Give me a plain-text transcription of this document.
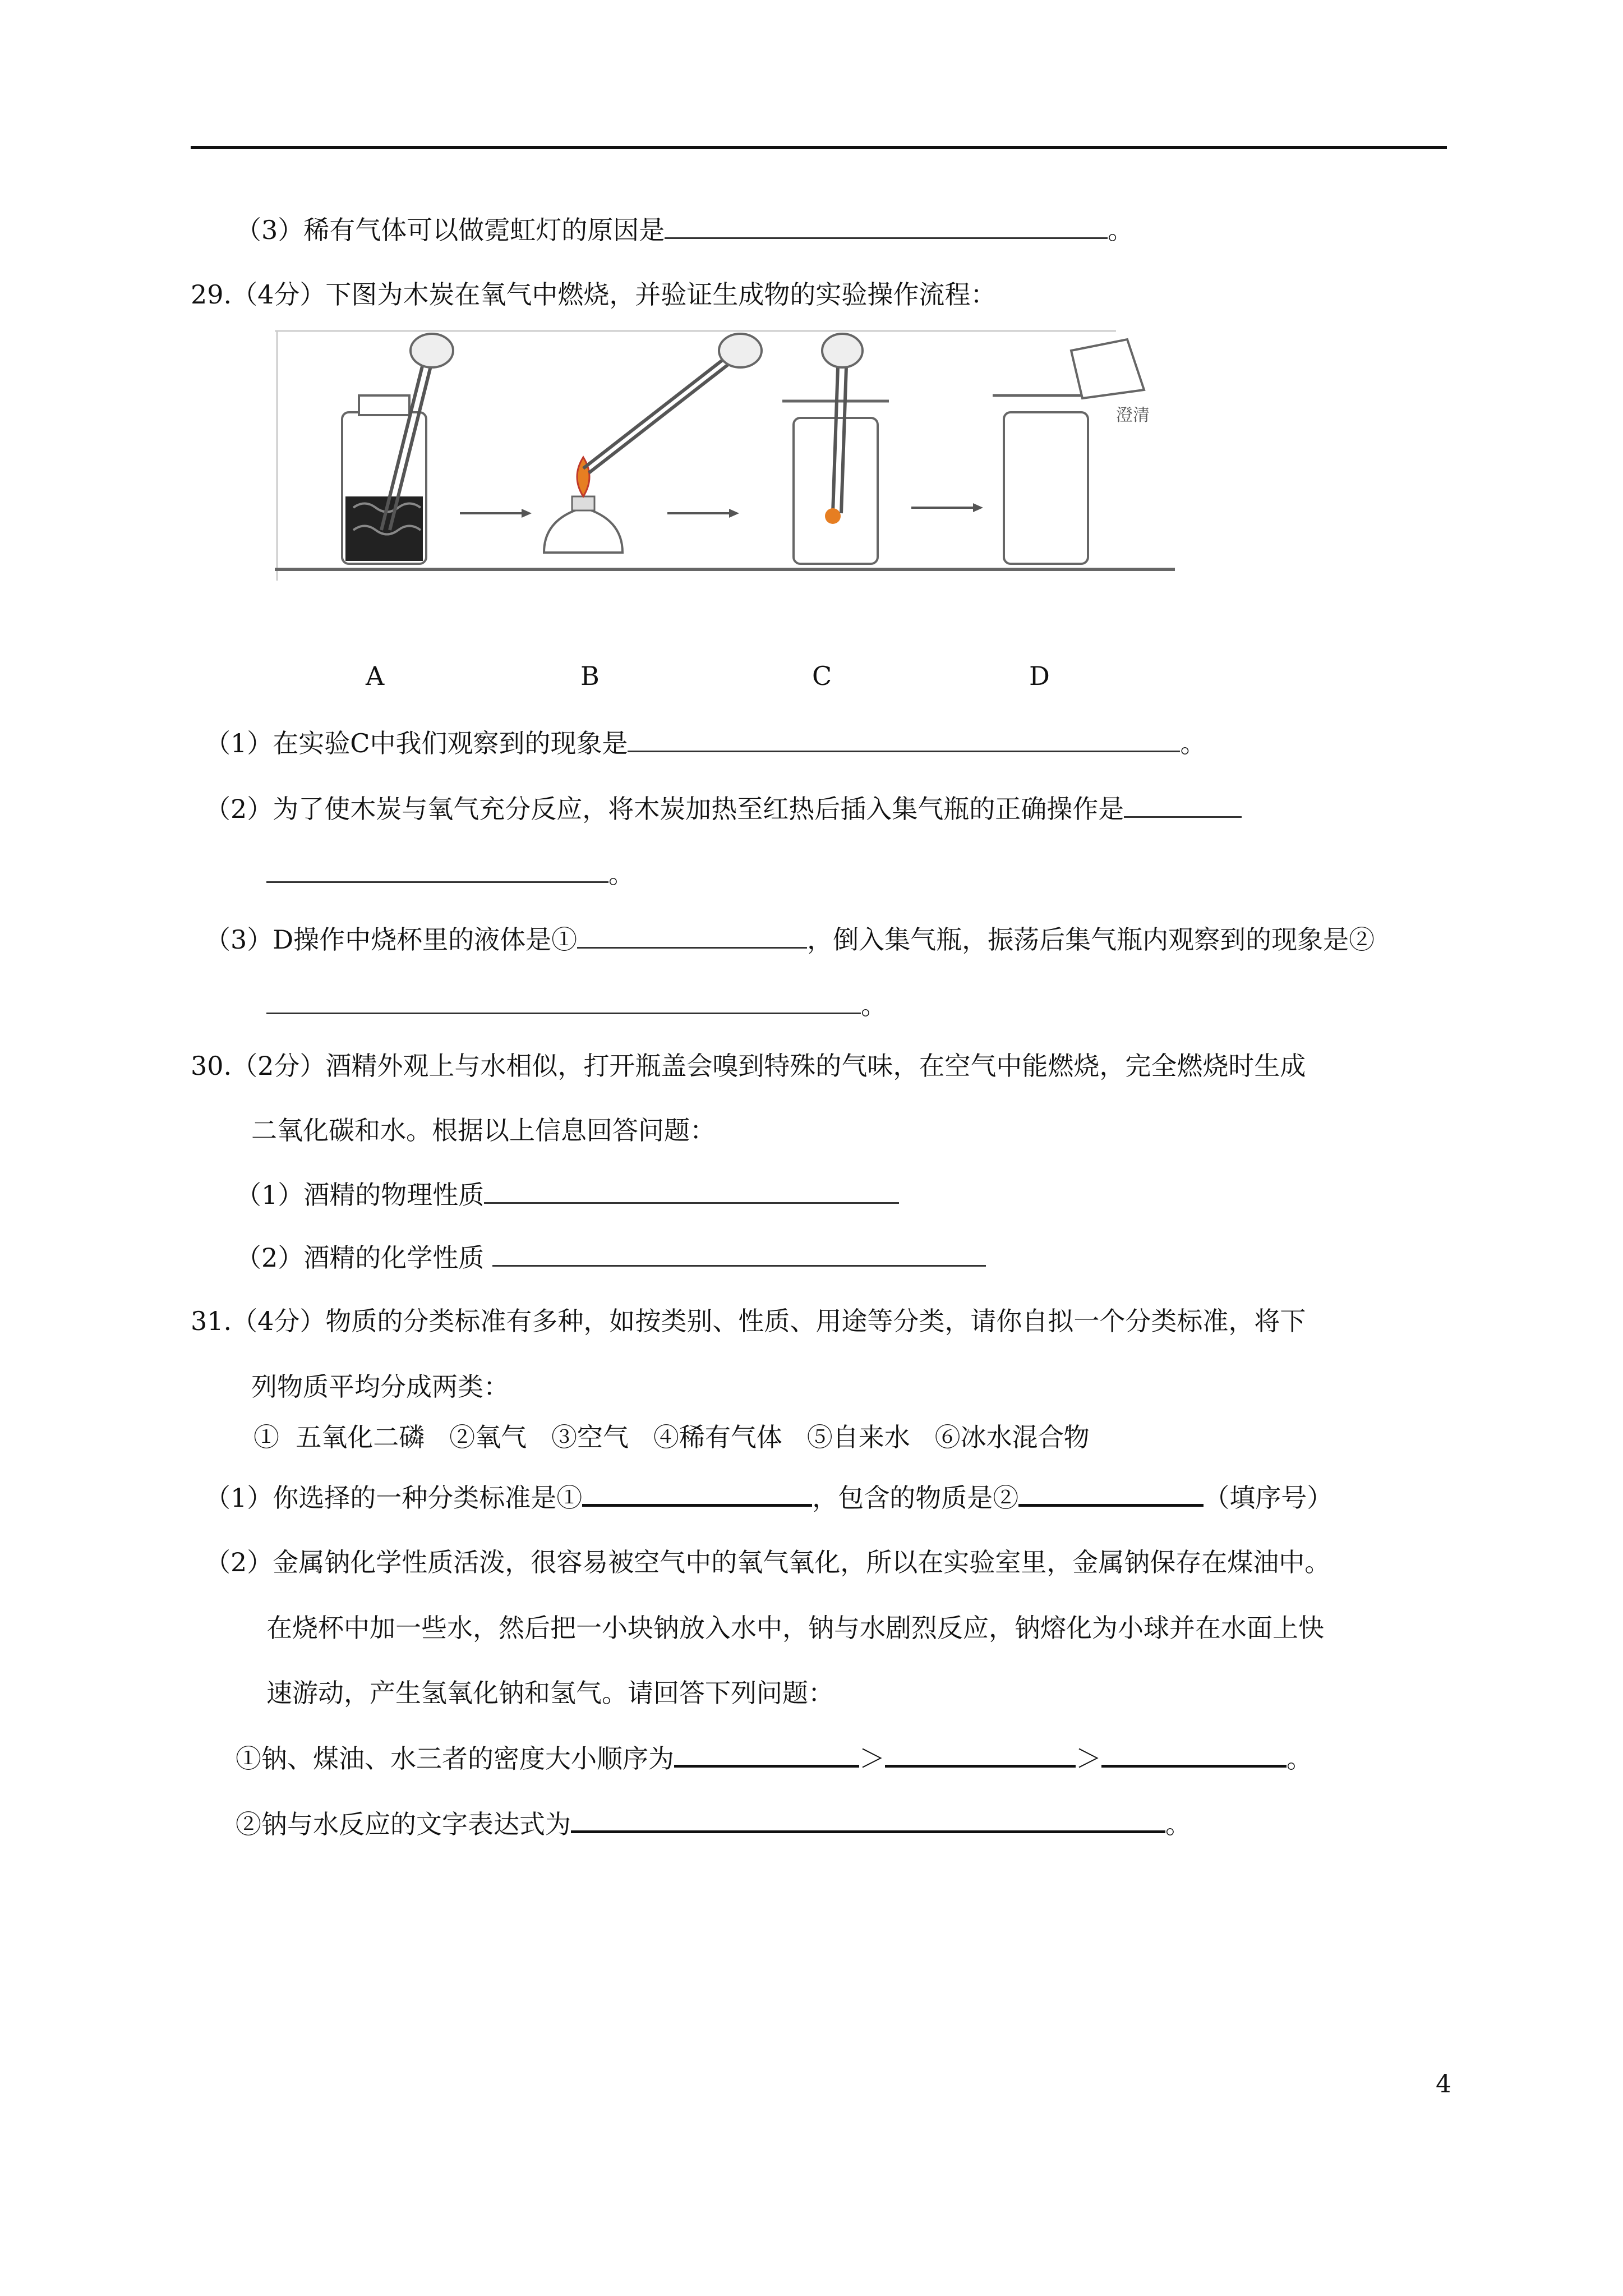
（3）稀有气体可以做霓虹灯的原因是	。
29.（4分）下图为木炭在氧气中燃烧，并验证生成物的实验操作流程：
澄清
A	B	C	D
（1）在实验C中我们观察到的现象是	。
（2）为了使木炭与氧气充分反应，将木炭加热至红热后插入集气瓶的正确操作是
。
（3）D操作中烧杯里的液体是①	，倒入集气瓶，振荡后集气瓶内观察到的现象是②
。
30.（2分）酒精外观上与水相似，打开瓶盖会嗅到特殊的气味，在空气中能燃烧，完全燃烧时生成
二氧化碳和水。根据以上信息回答问题：
（1）酒精的物理性质
（2）酒精的化学性质
31.（4分）物质的分类标准有多种，如按类别、性质、用途等分类，请你自拟一个分类标准，将下
列物质平均分成两类：
①  五氧化二磷   ②氧气   ③空气   ④稀有气体   ⑤自来水   ⑥冰水混合物
（1）你选择的一种分类标准是①	，包含的物质是②	（填序号）
（2）金属钠化学性质活泼，很容易被空气中的氧气氧化，所以在实验室里，金属钠保存在煤油中。
在烧杯中加一些水，然后把一小块钠放入水中，钠与水剧烈反应，钠熔化为小球并在水面上快
速游动，产生氢氧化钠和氢气。请回答下列问题：
①钠、煤油、水三者的密度大小顺序为	＞	＞	。
②钠与水反应的文字表达式为	。
4
